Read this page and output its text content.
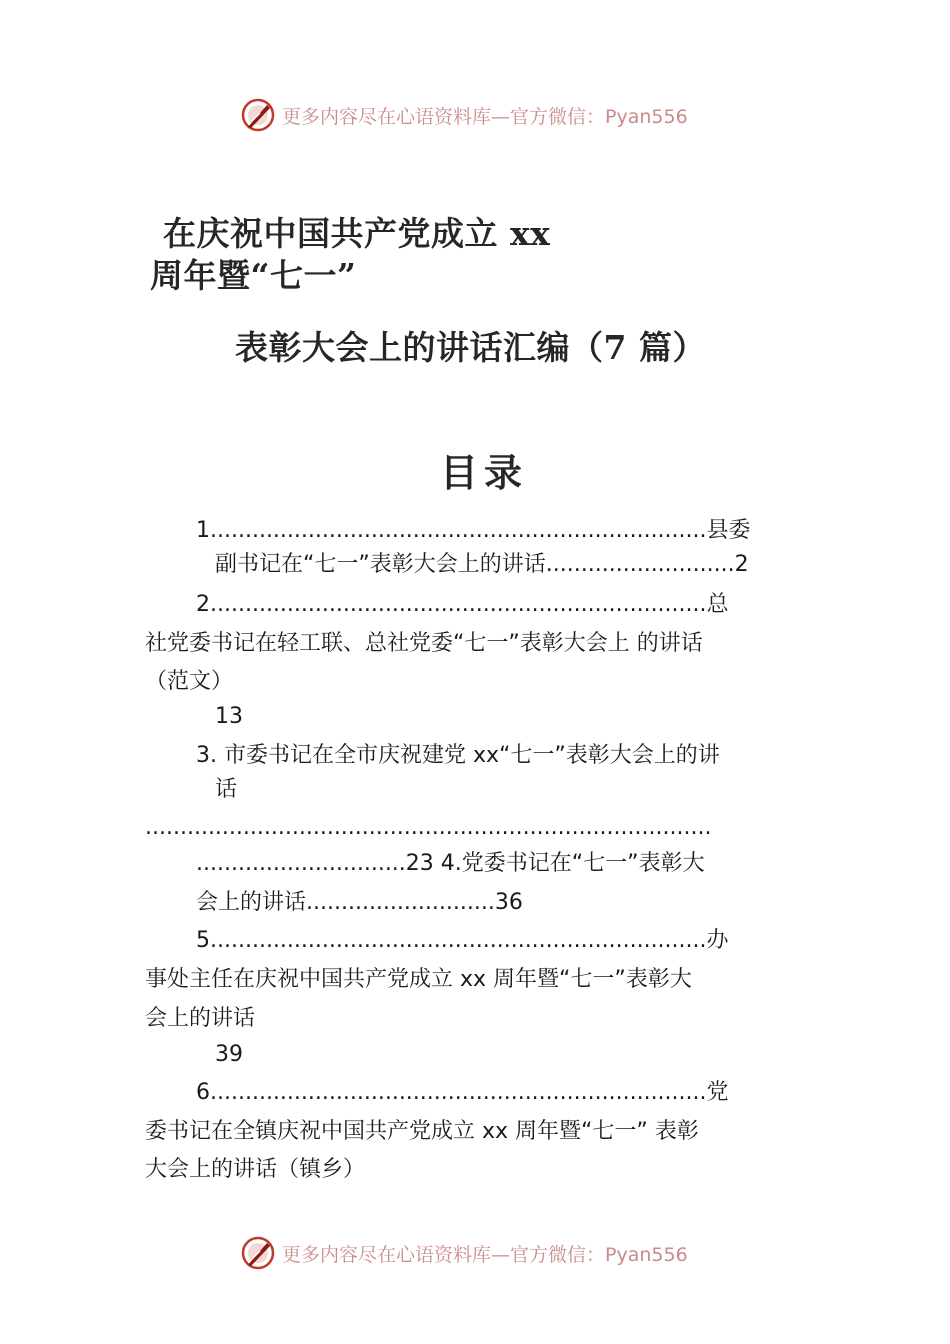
更多内容尽在心语资料库—官方微信：Pyan556
在庆祝中国共产党成立 xx
周年暨“七一”
表彰大会上的讲话汇编（7 篇）
目录
1.......................................................................县委
副书记在“七一”表彰大会上的讲话...........................2
2.......................................................................总
社党委书记在轻工联、总社党委“七一”表彰大会上 的讲话
（范文）
13
3. 市委书记在全市庆祝建党 xx“七一”表彰大会上的讲
话
.................................................................................
..............................23 4.党委书记在“七一”表彰大
会上的讲话...........................36
5.......................................................................办
事处主任在庆祝中国共产党成立 xx 周年暨“七一”表彰大
会上的讲话
39
6.......................................................................党
委书记在全镇庆祝中国共产党成立 xx 周年暨“七一” 表彰
大会上的讲话（镇乡）
更多内容尽在心语资料库—官方微信：Pyan556
